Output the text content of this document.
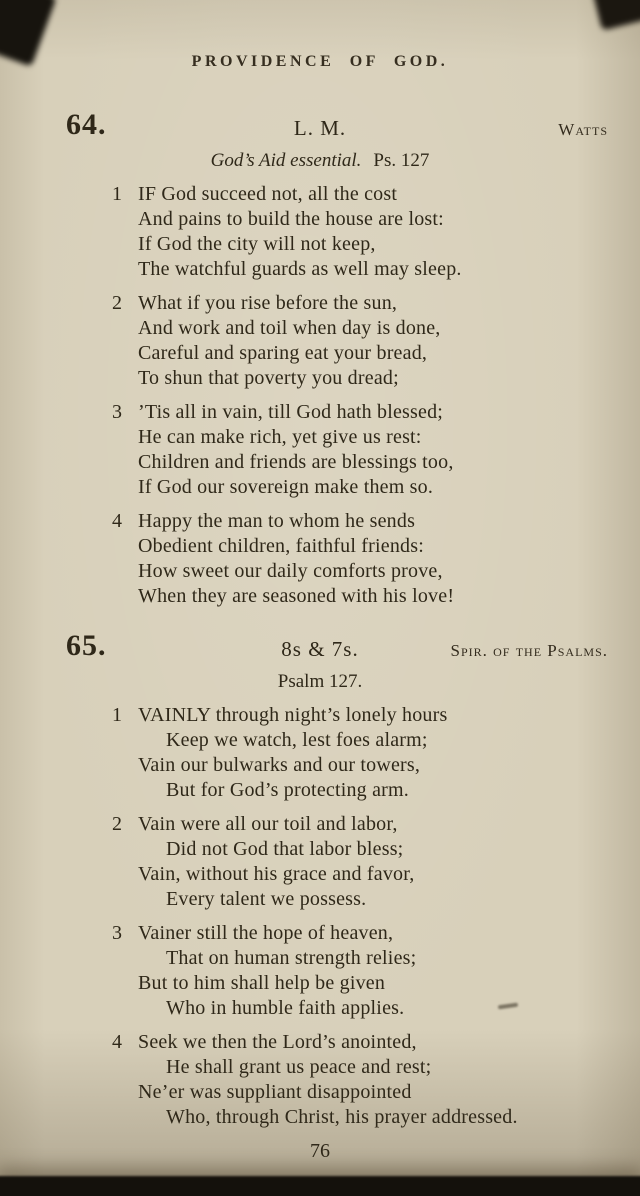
PROVIDENCE OF GOD.
64.	L. M.	Watts
God’s Aid essential. Ps. 127
1 IF God succeed not, all the cost
And pains to build the house are lost:
If God the city will not keep,
The watchful guards as well may sleep.
2 What if you rise before the sun,
And work and toil when day is done,
Careful and sparing eat your bread,
To shun that poverty you dread;
3 ’Tis all in vain, till God hath blessed;
He can make rich, yet give us rest:
Children and friends are blessings too,
If God our sovereign make them so.
4 Happy the man to whom he sends
Obedient children, faithful friends:
How sweet our daily comforts prove,
When they are seasoned with his love!
65.	8s & 7s.	Spir. of the Psalms.
Psalm 127.
1 VAINLY through night’s lonely hours
Keep we watch, lest foes alarm;
Vain our bulwarks and our towers,
But for God’s protecting arm.
2 Vain were all our toil and labor,
Did not God that labor bless;
Vain, without his grace and favor,
Every talent we possess.
3 Vainer still the hope of heaven,
That on human strength relies;
But to him shall help be given
Who in humble faith applies.
4 Seek we then the Lord’s anointed,
He shall grant us peace and rest;
Ne’er was suppliant disappointed
Who, through Christ, his prayer addressed.
76
